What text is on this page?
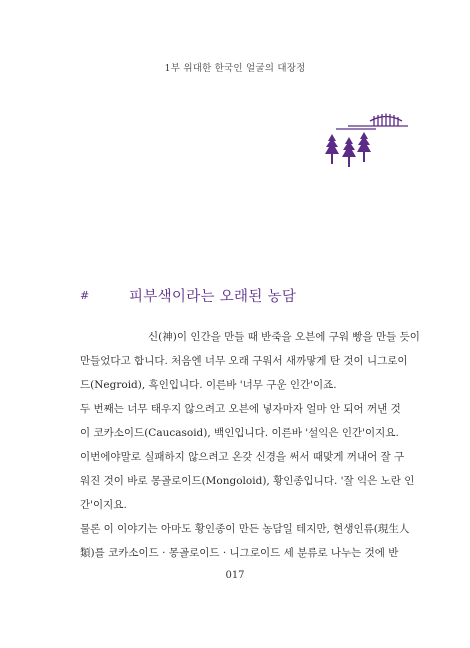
1부 위대한 한국인 얼굴의 대장정
#	피부색이라는 오래된 농담
신(神)이 인간을 만들 때 반죽을 오븐에 구워 빵을 만들 듯이
만들었다고 합니다. 처음엔 너무 오래 구워서 새까맣게 탄 것이 니그로이
드(Negroid), 흑인입니다. 이른바 '너무 구운 인간'이죠.
두 번째는 너무 태우지 않으려고 오븐에 넣자마자 얼마 안 되어 꺼낸 것
이 코카소이드(Caucasoid), 백인입니다. 이른바 '설익은 인간'이지요.
이번에야말로 실패하지 않으려고 온갖 신경을 써서 때맞게 꺼내어 잘 구
워진 것이 바로 몽골로이드(Mongoloid), 황인종입니다. '잘 익은 노란 인
간'이지요.
물론 이 이야기는 아마도 황인종이 만든 농담일 테지만, 현생인류(現生人
類)를 코카소이드 · 몽골로이드 · 니그로이드 세 분류로 나누는 것에 반
017
